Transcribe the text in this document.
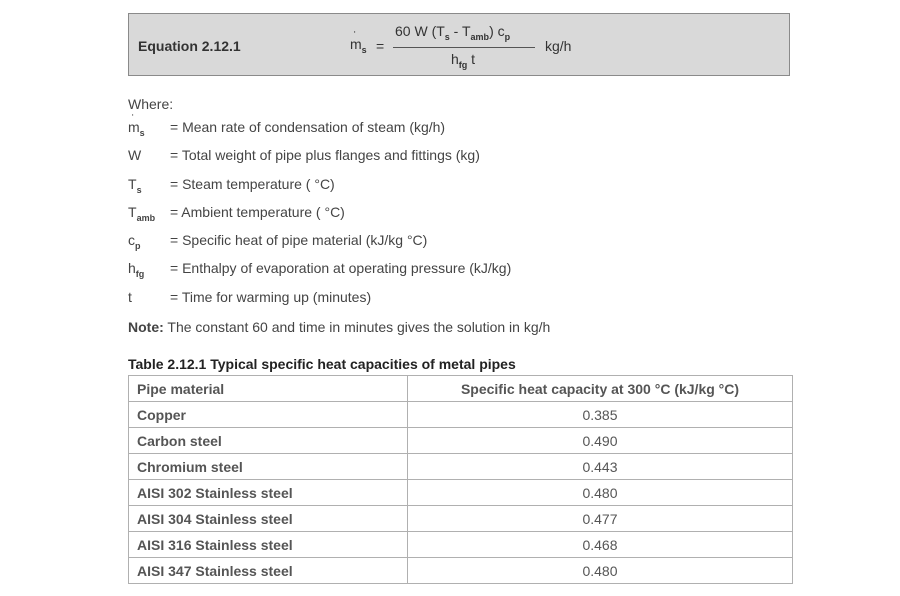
Equation 2.12.1	m $˙_s$ =
60 W $(T_s - T_{amb})$ $c_p$
$h_{fg}$ t
kg/h
Where:
m $˙_s$ = Mean rate of condensation of steam (kg/h)
W = Total weight of pipe plus flanges and fittings (kg)
$T_s$ = Steam temperature ( °C)
$T_{amb}$ = Ambient temperature ( °C)
$c_p$ = Specific heat of pipe material (kJ/kg °C)
$h_{fg}$ = Enthalpy of evaporation at operating pressure (kJ/kg)
t	= Time for warming up (minutes)
Note: The constant 60 and time in minutes gives the solution in kg/h
Table 2.12.1 Typical specific heat capacities of metal pipes
Pipe material	Specific heat capacity at 300 °C (kJ/kg °C)
Copper	0.385
Carbon steel	0.490
Chromium steel	0.443
AISI 302 Stainless steel	0.480
AISI 304 Stainless steel	0.477
AISI 316 Stainless steel	0.468
AISI 347 Stainless steel	0.480
